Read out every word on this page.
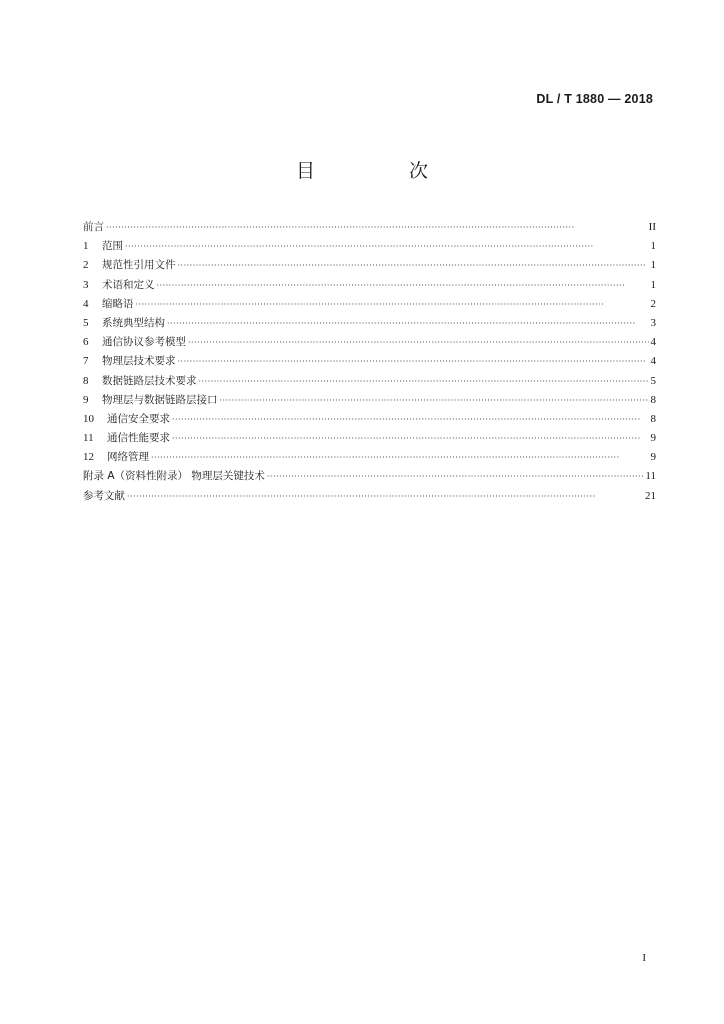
DL / T 1880 — 2018
目 次
前言 ·····	II
1	范围 ·····	1
2	规范性引用文件 ·····	1
3	术语和定义 ·····	1
4	缩略语 ·····	2
5	系统典型结构 ·····	3
6	通信协议参考模型 ·····	4
7	物理层技术要求 ·····	4
8	数据链路层技术要求 ·····	5
9	物理层与数据链路层接口 ·····	8
10	通信安全要求 ·····	8
11	通信性能要求 ·····	9
12	网络管理 ·····	9
附录 A（资料性附录） 物理层关键技术 ·····	11
参考文献 ·····	21
I
